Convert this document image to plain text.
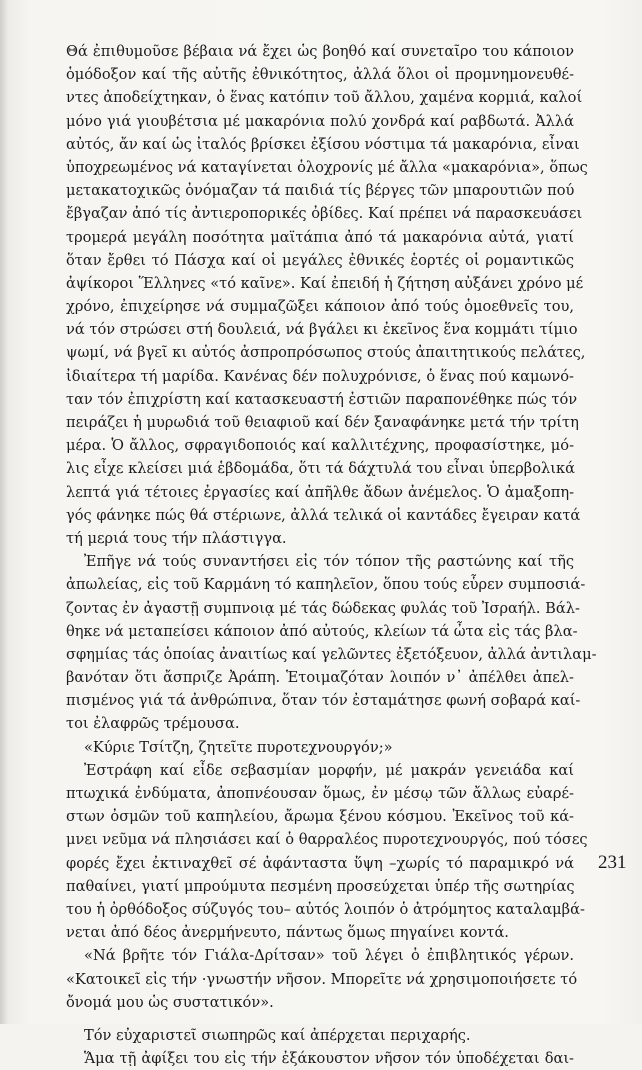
Θά ἐπιθυμοῦσε βέβαια νά ἔχει ὡς βοηθό καί συνεταῖρο του κάποιον
ὁμόδοξον καί τῆς αὐτῆς ἐθνικότητος, ἀλλά ὅλοι οἱ προμνημονευθέ-
ντες ἀποδείχτηκαν, ὁ ἕνας κατόπιν τοῦ ἄλλου, χαμένα κορμιά, καλοί
μόνο γιά γιουβέτσια μέ μακαρόνια πολύ χονδρά καί ραβδωτά. Ἀλλά
αὐτός, ἄν καί ὡς ἰταλός βρίσκει ἐξίσου νόστιμα τά μακαρόνια, εἶναι
ὑποχρεωμένος νά καταγίνεται ὁλοχρονίς μέ ἄλλα «μακαρόνια», ὅπως
μετακατοχικῶς ὀνόμαζαν τά παιδιά τίς βέργες τῶν μπαρουτιῶν πού
ἔβγαζαν ἀπό τίς ἀντιεροπορικές ὀβίδες. Καί πρέπει νά παρασκευάσει
τρομερά μεγάλη ποσότητα μαϊτάπια ἀπό τά μακαρόνια αὐτά, γιατί
ὅταν ἔρθει τό Πάσχα καί οἱ μεγάλες ἐθνικές ἑορτές οἱ ρομαντικῶς
ἀψίκοροι Ἕλληνες «τό καῖνε». Καί ἐπειδή ἡ ζήτηση αὐξάνει χρόνο μέ
χρόνο, ἐπιχείρησε νά συμμαζῶξει κάποιον ἀπό τούς ὁμοεθνεῖς του,
νά τόν στρώσει στή δουλειά, νά βγάλει κι ἐκεῖνος ἕνα κομμάτι τίμιο
ψωμί, νά βγεῖ κι αὐτός ἀσπροπρόσωπος στούς ἀπαιτητικούς πελάτες,
ἰδιαίτερα τή μαρίδα. Κανένας δέν πολυχρόνισε, ὁ ἕνας πού καμωνό-
ταν τόν ἐπιχρίστη καί κατασκευαστή ἐστιῶν παραπονέθηκε πώς τόν
πειράζει ἡ μυρωδιά τοῦ θειαφιοῦ καί δέν ξαναφάνηκε μετά τήν τρίτη
μέρα. Ὁ ἄλλος, σφραγιδοποιός καί καλλιτέχνης, προφασίστηκε, μό-
λις εἶχε κλείσει μιά ἑβδομάδα, ὅτι τά δάχτυλά του εἶναι ὑπερβολικά
λεπτά γιά τέτοιες ἐργασίες καί ἀπῆλθε ἄδων ἀνέμελος. Ὁ ἀμαξοπη-
γός φάνηκε πώς θά στέριωνε, ἀλλά τελικά οἱ καντάδες ἔγειραν κατά
τή μεριά τους τήν πλάστιγγα.
Ἐπῆγε νά τούς συναντήσει εἰς τόν τόπον τῆς ραστώνης καί τῆς
ἀπωλείας, εἰς τοῦ Καρμάνη τό καπηλεῖον, ὅπου τούς εὗρεν συμποσιά-
ζοντας ἐν ἀγαστῇ συμπνοιᾳ μέ τάς δώδεκας φυλάς τοῦ Ἰσραήλ. Βάλ-
θηκε νά μεταπείσει κάποιον ἀπό αὐτούς, κλείων τά ὦτα εἰς τάς βλα-
σφημίας τάς ὁποίας ἀναιτίως καί γελῶντες ἐξετόξευον, ἀλλά ἀντιλαμ-
βανόταν ὅτι ἄσπριζε Ἀράπη. Ἑτοιμαζόταν λοιπόν ν᾿ ἀπέλθει ἀπελ-
πισμένος γιά τά ἀνθρώπινα, ὅταν τόν ἐσταμάτησε φωνή σοβαρά καί-
τοι ἐλαφρῶς τρέμουσα.
«Κύριε Τσίτζη, ζητεῖτε πυροτεχνουργόν;»
Ἐστράφη καί εἶδε σεβασμίαν μορφήν, μέ μακράν γενειάδα καί
πτωχικά ἐνδύματα, ἀποπνέουσαν ὅμως, ἐν μέσῳ τῶν ἄλλως εὐαρέ-
στων ὀσμῶν τοῦ καπηλείου, ἄρωμα ξένου κόσμου. Ἐκεῖνος τοῦ κά-
μνει νεῦμα νά πλησιάσει καί ὁ θαρραλέος πυροτεχνουργός, πού τόσες
φορές ἔχει ἐκτιναχθεῖ σέ ἀφάνταστα ὕψη –χωρίς τό παραμικρό νά
παθαίνει, γιατί μπρούμυτα πεσμένη προσεύχεται ὑπέρ τῆς σωτηρίας
του ἡ ὀρθόδοξος σύζυγός του– αὐτός λοιπόν ὁ ἀτρόμητος καταλαμβά-
νεται ἀπό δέος ἀνερμήνευτο, πάντως ὅμως πηγαίνει κοντά.
«Νά βρῆτε τόν Γιάλα-Δρίτσαν» τοῦ λέγει ὁ ἐπιβλητικός γέρων.
«Κατοικεῖ εἰς τήν ·γνωστήν νῆσον. Μπορεῖτε νά χρησιμοποιήσετε τό
ὄνομά μου ὡς συστατικόν».
Τόν εὐχαριστεῖ σιωπηρῶς καί ἀπέρχεται περιχαρής.
Ἅμα τῇ ἀφίξει του εἰς τήν ἐξάκουστον νῆσον τόν ὑποδέχεται δαι-
231
